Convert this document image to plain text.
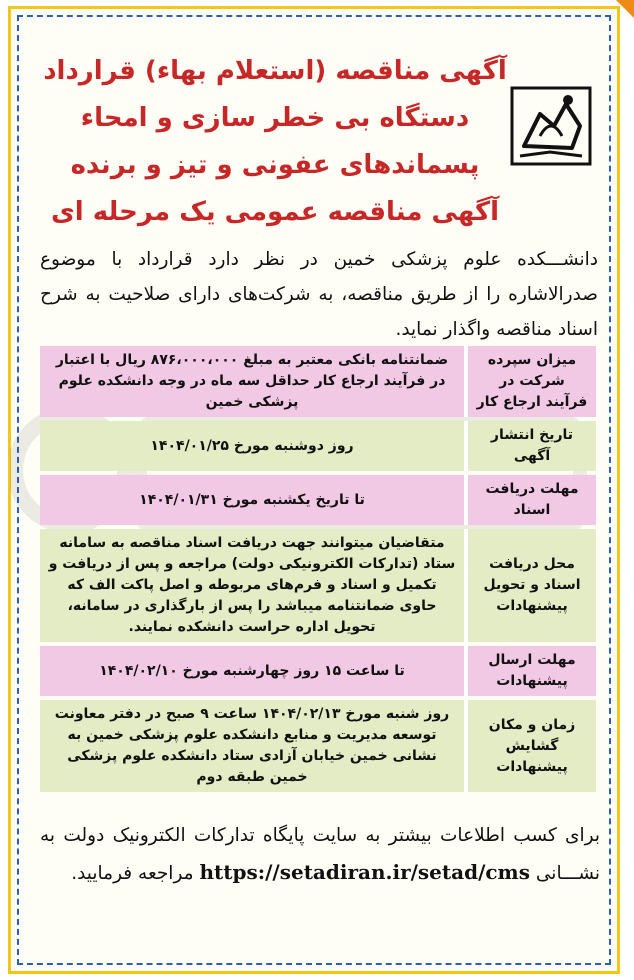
آگهی مناقصه (استعلام بهاء) قرارداد
دستگاه بی خطر سازی و امحاء
پسماندهای عفونی و تیز و برنده
آگهی مناقصه عمومی یک مرحله ای
دانشـــکده علوم پزشکی خمین در نظر دارد قرارداد با موضوع صدرالاشاره را از طریق مناقصه، به شرکت‌های دارای صلاحیت به شرح اسناد مناقصه واگذار نماید.
میزان سپرده شرکت در فرآیند ارجاع کار	ضمانتنامه بانکی معتبر به مبلغ ۸۷۶،۰۰۰،۰۰۰ ریال با اعتبار در فرآیند ارجاع کار حداقل سه ماه در وجه دانشکده علوم پزشکی خمین
تاریخ انتشار آگهی	روز دوشنبه مورخ ۱۴۰۴/۰۱/۲۵
مهلت دریافت اسناد	تا تاریخ یکشنبه مورخ ۱۴۰۴/۰۱/۳۱
محل دریافت اسناد و تحویل پیشنهادات	متقاضیان میتوانند جهت دریافت اسناد مناقصه به سامانه ستاد (تدارکات الکترونیکی دولت) مراجعه و پس از دریافت و تکمیل و اسناد و فرم‌های مربوطه و اصل پاکت الف که حاوی ضمانتنامه میباشد را پس از بارگذاری در سامانه، تحویل اداره حراست دانشکده نمایند.
مهلت ارسال پیشنهادات	تا ساعت ۱۵ روز چهارشنبه مورخ ۱۴۰۴/۰۲/۱۰
زمان و مکان گشایش پیشنهادات	روز شنبه مورخ ۱۴۰۴/۰۲/۱۳ ساعت ۹ صبح در دفتر معاونت توسعه مدیریت و منابع دانشکده علوم پزشکی خمین به نشانی خمین خیابان آزادی ستاد دانشکده علوم پزشکی خمین طبقه دوم
برای کسب اطلاعات بیشتر به سایت پایگاه تدارکات الکترونیک دولت به نشـــانی https://setadiran.ir/setad/cms مراجعه فرمایید.
